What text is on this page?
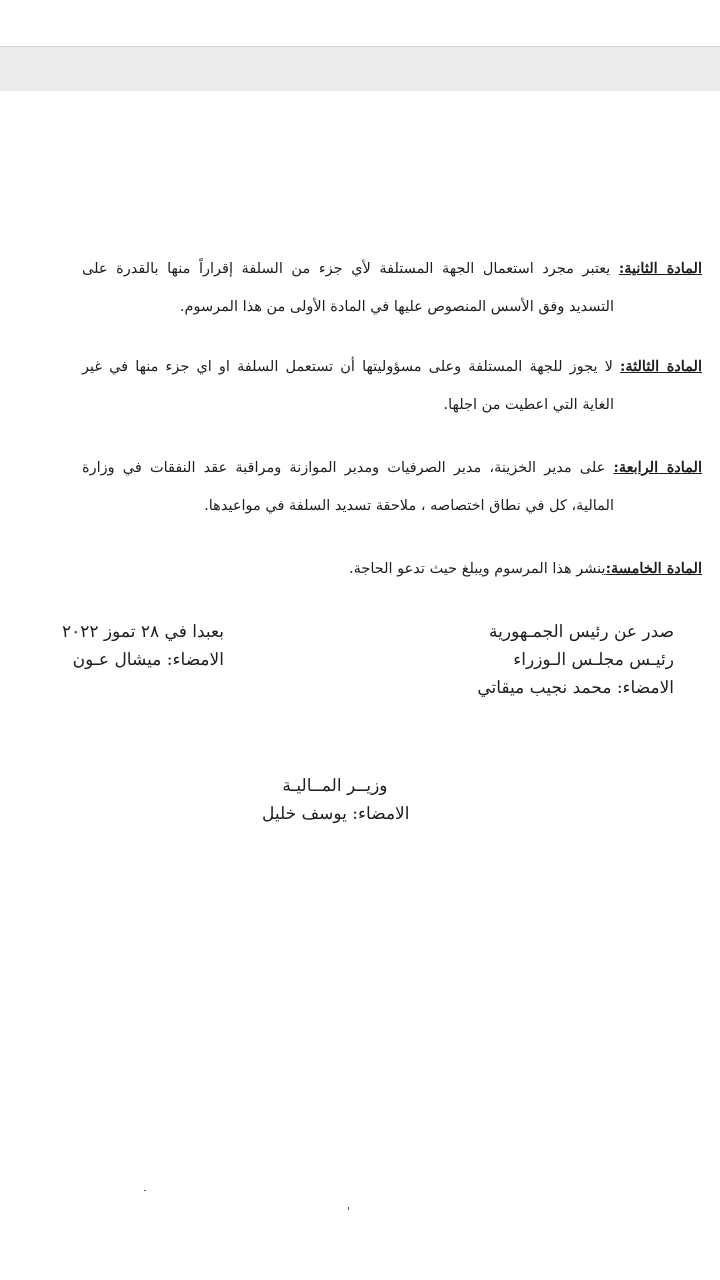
المادة الثانية: يعتبر مجرد استعمال الجهة المستلفة لأي جزء من السلفة إقراراً منها بالقدرة على
التسديد وفق الأسس المنصوص عليها في المادة الأولى من هذا المرسوم.
المادة الثالثة: لا يجوز للجهة المستلفة وعلى مسؤوليتها أن تستعمل السلفة او اي جزء منها في غير
الغاية التي اعطيت من اجلها.
المادة الرابعة: على مدير الخزينة، مدير الصرفيات ومدير الموازنة ومراقبة عقد النفقات في وزارة
المالية، كل في نطاق اختصاصه ، ملاحقة تسديد السلفة في مواعيدها.
المادة الخامسة:ينشر هذا المرسوم ويبلغ حيث تدعو الحاجة.
بعبدا في ٢٨ تموز ٢٠٢٢
الامضاء: ميشال عـون
صدر عن رئيس الجمـهورية
رئيـس مجلـس الـوزراء
الامضاء: محمد نجيب ميقاتي
وزيــر المــاليـة
الامضاء: يوسف خليل
